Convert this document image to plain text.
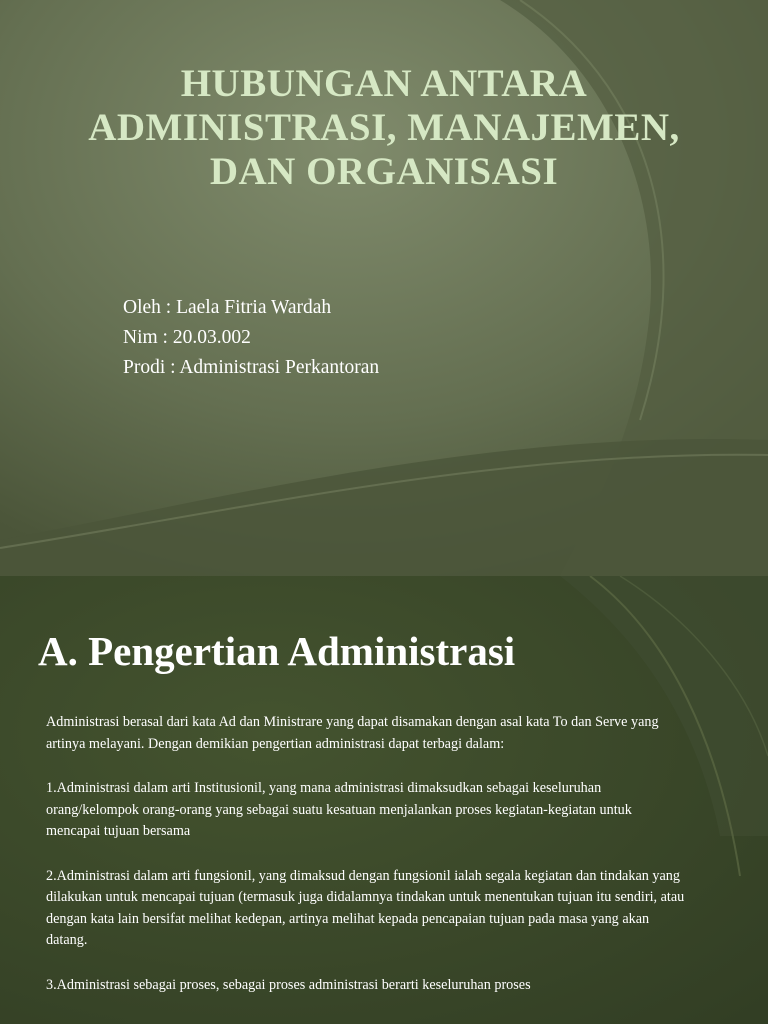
HUBUNGAN ANTARA
ADMINISTRASI, MANAJEMEN,
DAN ORGANISASI
Oleh : Laela Fitria Wardah
Nim : 20.03.002
Prodi : Administrasi Perkantoran
A. Pengertian Administrasi

Administrasi berasal dari kata Ad dan Ministrare yang dapat disamakan dengan asal kata To dan Serve yang artinya melayani. Dengan demikian pengertian administrasi dapat terbagi dalam:

1.Administrasi dalam arti Institusionil, yang mana administrasi dimaksudkan sebagai keseluruhan orang/kelompok orang-orang yang sebagai suatu kesatuan menjalankan proses kegiatan-kegiatan untuk mencapai tujuan bersama

2.Administrasi dalam arti fungsionil, yang dimaksud dengan fungsionil ialah segala kegiatan dan tindakan yang dilakukan untuk mencapai tujuan (termasuk juga didalamnya tindakan untuk menentukan tujuan itu sendiri, atau dengan kata lain bersifat melihat kedepan, artinya melihat kepada pencapaian tujuan pada masa yang akan datang.

3.Administrasi sebagai proses, sebagai proses administrasi berarti keseluruhan proses
